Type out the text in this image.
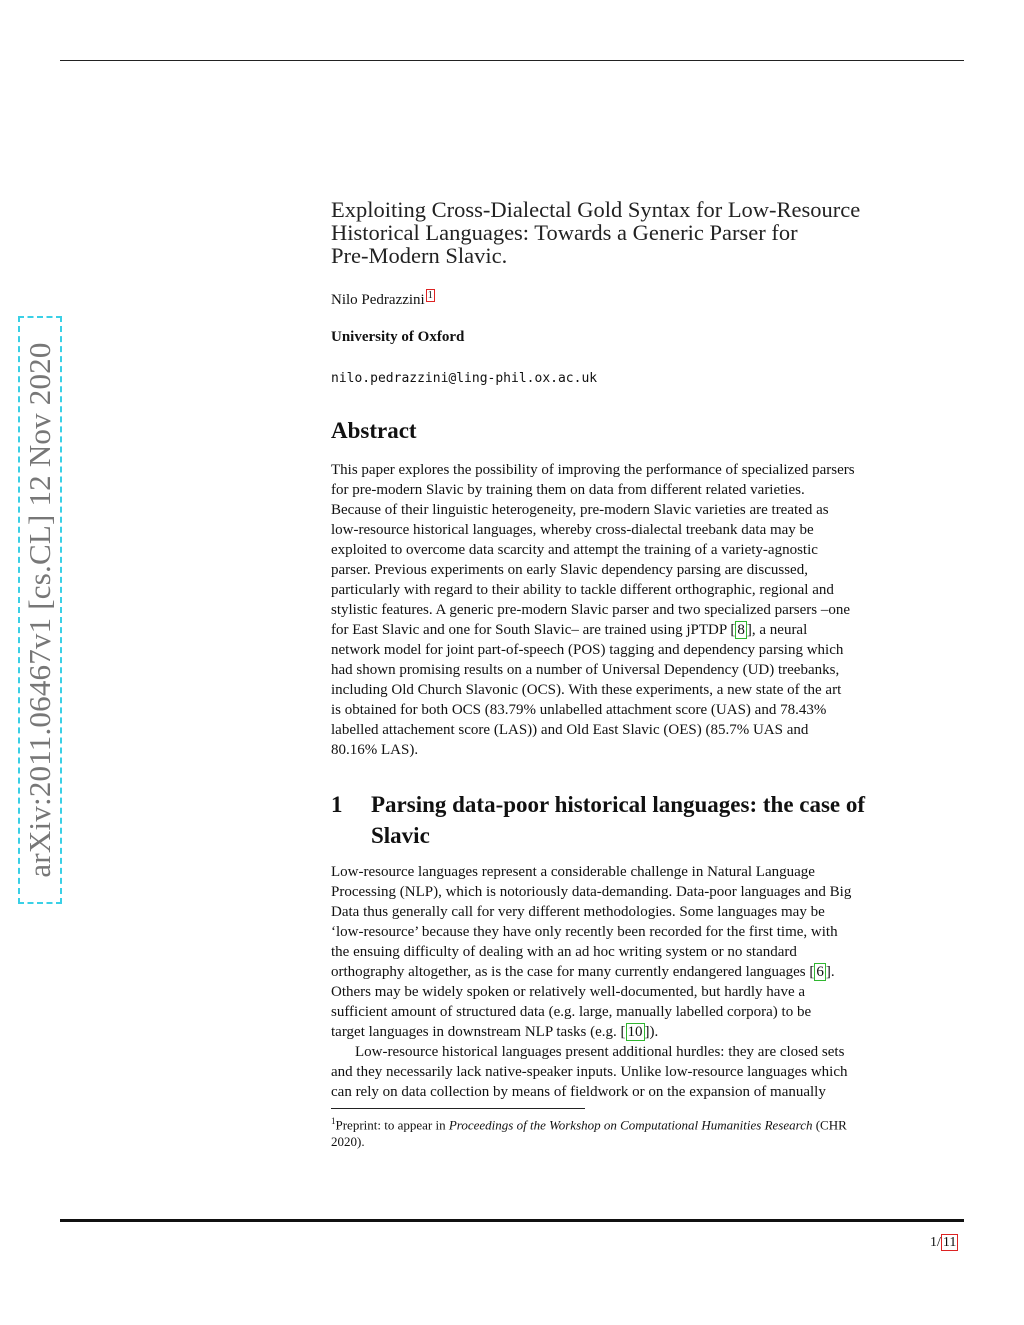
arXiv:2011.06467v1 [cs.CL] 12 Nov 2020
Exploiting Cross-Dialectal Gold Syntax for Low-Resource
Historical Languages: Towards a Generic Parser for
Pre-Modern Slavic.
Nilo Pedrazzini 1
University of Oxford
nilo.pedrazzini@ling-phil.ox.ac.uk
Abstract
This paper explores the possibility of improving the performance of specialized parsers
for pre-modern Slavic by training them on data from different related varieties.
Because of their linguistic heterogeneity, pre-modern Slavic varieties are treated as
low-resource historical languages, whereby cross-dialectal treebank data may be
exploited to overcome data scarcity and attempt the training of a variety-agnostic
parser. Previous experiments on early Slavic dependency parsing are discussed,
particularly with regard to their ability to tackle different orthographic, regional and
stylistic features. A generic pre-modern Slavic parser and two specialized parsers –one
for East Slavic and one for South Slavic– are trained using jPTDP [ 8 ], a neural
network model for joint part-of-speech (POS) tagging and dependency parsing which
had shown promising results on a number of Universal Dependency (UD) treebanks,
including Old Church Slavonic (OCS). With these experiments, a new state of the art
is obtained for both OCS (83.79% unlabelled attachment score (UAS) and 78.43%
labelled attachement score (LAS)) and Old East Slavic (OES) (85.7% UAS and
80.16% LAS).
1 Parsing data-poor historical languages: the case of
Slavic
Low-resource languages represent a considerable challenge in Natural Language
Processing (NLP), which is notoriously data-demanding. Data-poor languages and Big
Data thus generally call for very different methodologies. Some languages may be
‘low-resource’ because they have only recently been recorded for the first time, with
the ensuing difficulty of dealing with an ad hoc writing system or no standard
orthography altogether, as is the case for many currently endangered languages [ 6 ].
Others may be widely spoken or relatively well-documented, but hardly have a
sufficient amount of structured data (e.g. large, manually labelled corpora) to be
target languages in downstream NLP tasks (e.g. [ 10 ]).
Low-resource historical languages present additional hurdles: they are closed sets
and they necessarily lack native-speaker inputs. Unlike low-resource languages which
can rely on data collection by means of fieldwork or on the expansion of manually
$^1$Preprint: to appear in Proceedings of the Workshop on Computational Humanities Research (CHR
2020).
1/ 11
